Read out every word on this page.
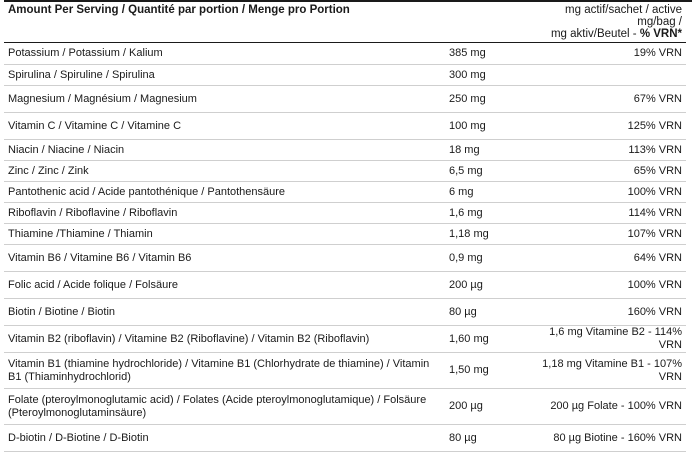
Amount Per Serving / Quantité par portion / Menge pro Portion		mg actif/sachet / active mg/bag /
mg aktiv/Beutel - % VRN*

Potassium / Potassium / Kalium	385 mg	19% VRN
Spirulina / Spiruline / Spirulina	300 mg	
Magnesium / Magnésium / Magnesium	250 mg	67% VRN
Vitamin C / Vitamine C / Vitamine C	100 mg	125% VRN
Niacin / Niacine / Niacin	18 mg	113% VRN
Zinc / Zinc / Zink	6,5 mg	65% VRN
Pantothenic acid / Acide pantothénique / Pantothensäure	6 mg	100% VRN
Riboflavin / Riboflavine / Riboflavin	1,6 mg	114% VRN
Thiamine /Thiamine / Thiamin	1,18 mg	107% VRN
Vitamin B6 / Vitamine B6 / Vitamin B6	0,9 mg	64% VRN
Folic acid / Acide folique / Folsäure	200 µg	100% VRN
Biotin / Biotine / Biotin	80 µg	160% VRN
Vitamin B2 (riboflavin) / Vitamine B2 (Riboflavine) / Vitamin B2 (Riboflavin)	1,60 mg	1,6 mg Vitamine B2 - 114% VRN
Vitamin B1 (thiamine hydrochloride) / Vitamine B1 (Chlorhydrate de thiamine) / Vitamin B1 (Thiaminhydrochlorid)	1,50 mg	1,18 mg Vitamine B1 - 107% VRN
Folate (pteroylmonoglutamic acid) / Folates (Acide pteroylmonoglutamique) / Folsäure (Pteroylmonoglutaminsäure)	200 µg	200 µg Folate - 100% VRN
D-biotin / D-Biotine / D-Biotin	80 µg	80 µg Biotine - 160% VRN
